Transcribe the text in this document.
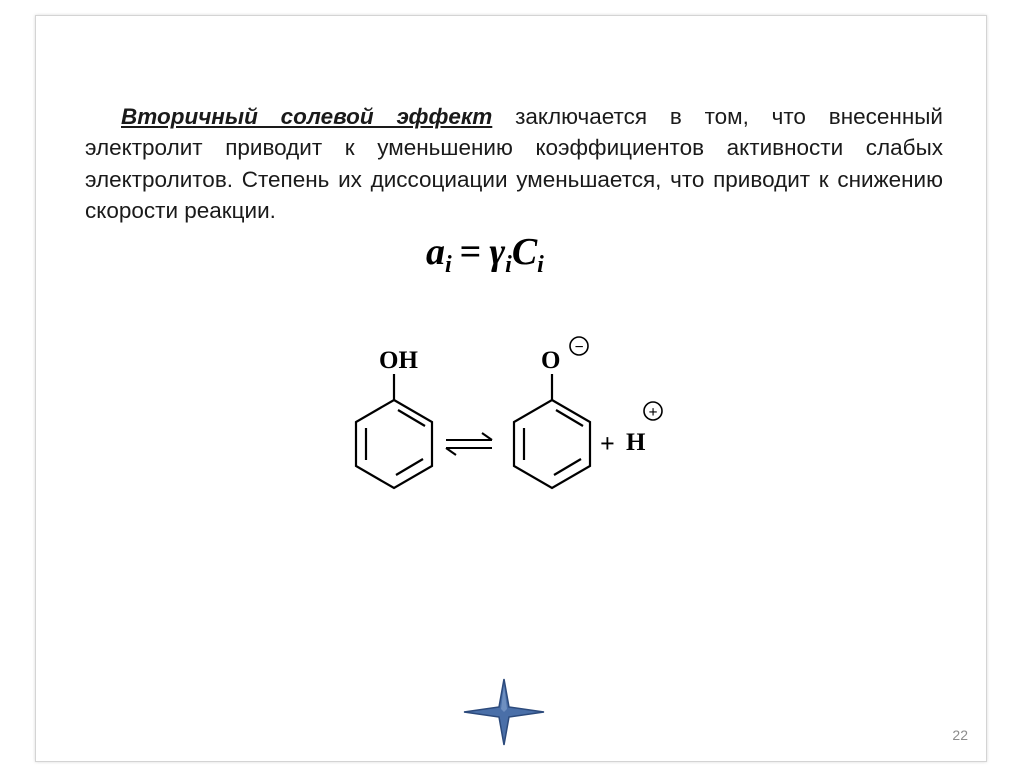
Вторичный солевой эффект заключается в том, что внесенный электролит приводит к уменьшению коэффициентов активности слабых электролитов. Степень их диссоциации уменьшается, что приводит к снижению скорости реакции.

ai = γiCi
OH	O −
+ H
+
22
